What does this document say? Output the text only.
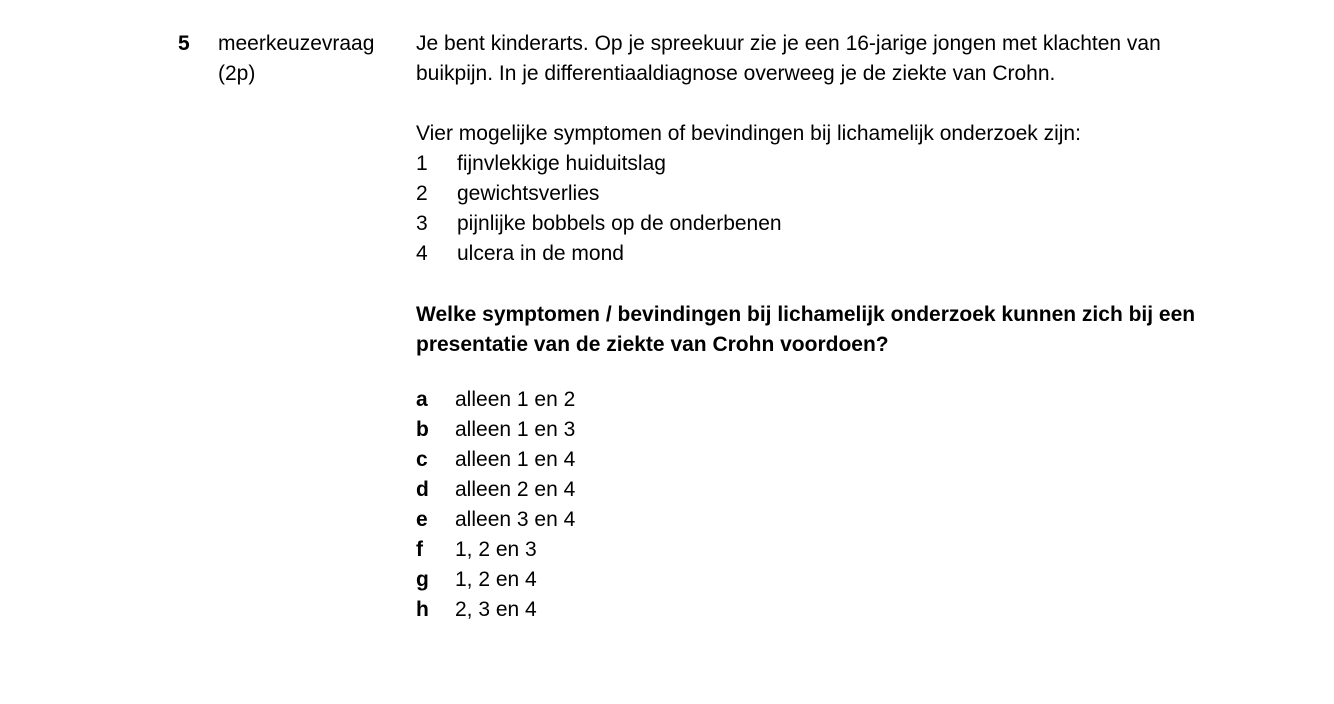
5 meerkeuzevraag
(2p)
Je bent kinderarts. Op je spreekuur zie je een 16-jarige jongen met klachten van
buikpijn. In je differentiaaldiagnose overweeg je de ziekte van Crohn.
Vier mogelijke symptomen of bevindingen bij lichamelijk onderzoek zijn:
1	fijnvlekkige huiduitslag
2	gewichtsverlies
3	pijnlijke bobbels op de onderbenen
4	ulcera in de mond
Welke symptomen / bevindingen bij lichamelijk onderzoek kunnen zich bij een
presentatie van de ziekte van Crohn voordoen?
a	alleen 1 en 2
b	alleen 1 en 3
c	alleen 1 en 4
d	alleen 2 en 4
e	alleen 3 en 4
f	1, 2 en 3
g	1, 2 en 4
h	2, 3 en 4
